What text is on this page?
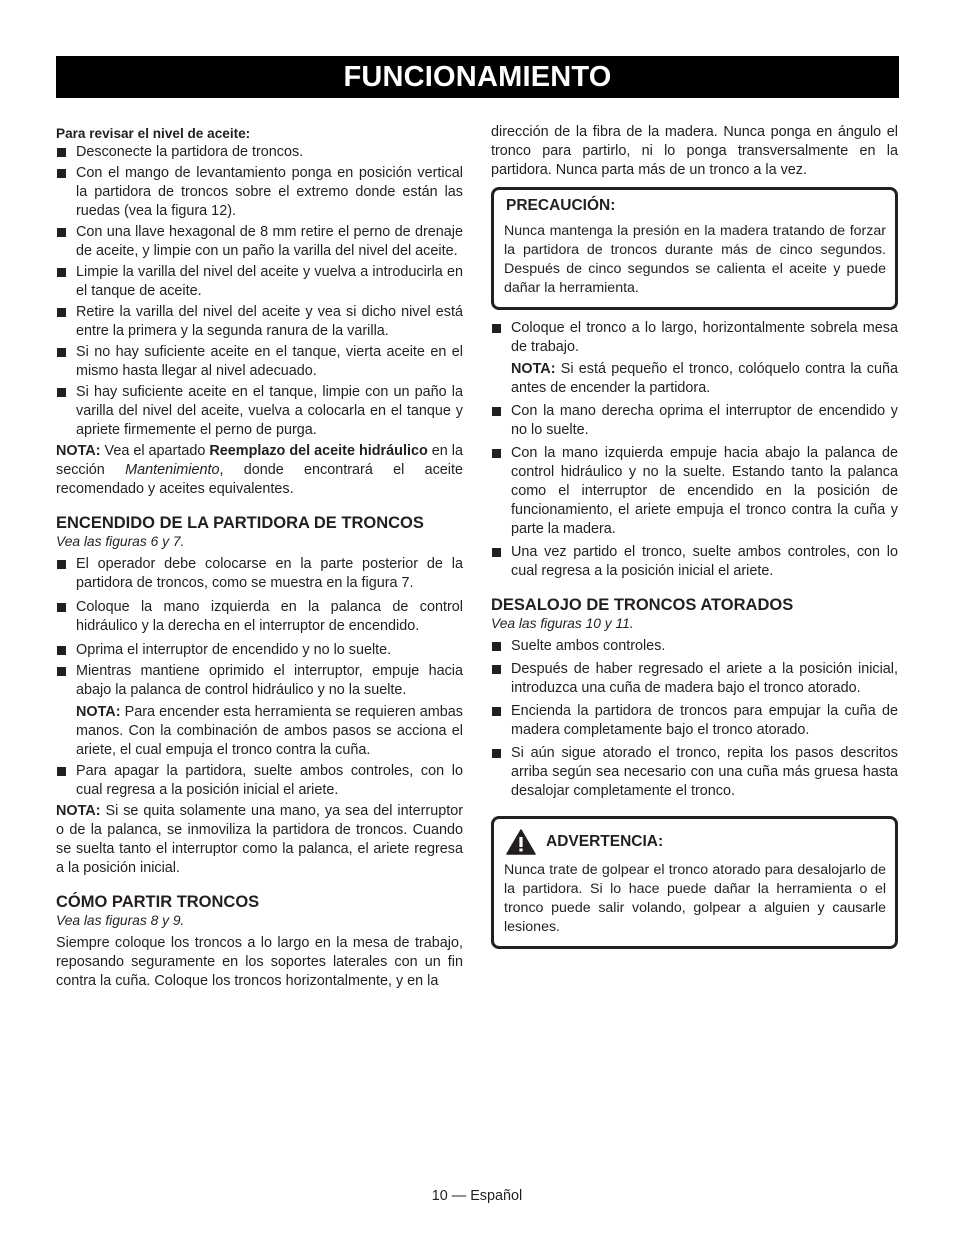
FUNCIONAMIENTO
Para revisar el nivel de aceite:
Desconecte la partidora de troncos.
Con el mango de levantamiento ponga en posición vertical la partidora de troncos sobre el extremo donde están las ruedas (vea la figura 12).
Con una llave hexagonal de 8 mm retire el perno de drenaje de aceite, y limpie con un paño la varilla del nivel del aceite.
Limpie la varilla del nivel del aceite y vuelva a introducirla en el tanque de aceite.
Retire la varilla del nivel del aceite y vea si dicho nivel está entre la primera y la segunda ranura de la varilla.
Si no hay suficiente aceite en el tanque, vierta aceite en el mismo hasta llegar al nivel adecuado.
Si hay suficiente aceite en el tanque, limpie con un paño la varilla del nivel del aceite, vuelva a colocarla en el tanque y apriete firmemente el perno de purga.

NOTA: Vea el apartado Reemplazo del aceite hidráulico en la sección Mantenimiento, donde encontrará el aceite recomendado y aceites equivalentes.

ENCENDIDO DE LA PARTIDORA DE TRONCOS
Vea las figuras 6 y 7.
El operador debe colocarse en la parte posterior de la partidora de troncos, como se muestra en la figura 7.
Coloque la mano izquierda en la palanca de control hidráulico y la derecha en el interruptor de encendido.
Oprima el interruptor de encendido y no lo suelte.
Mientras mantiene oprimido el interruptor, empuje hacia abajo la palanca de control hidráulico y no la suelte.

NOTA: Para encender esta herramienta se requieren ambas manos. Con la combinación de ambos pasos se acciona el ariete, el cual empuja el tronco contra la cuña.

Para apagar la partidora, suelte ambos controles, con lo cual regresa a la posición inicial el ariete.

NOTA: Si se quita solamente una mano, ya sea del interruptor o de la palanca, se inmoviliza la partidora de troncos. Cuando se suelta tanto el interruptor como la palanca, el ariete regresa a la posición inicial.

CÓMO PARTIR TRONCOS
Vea las figuras 8 y 9.

Siempre coloque los troncos a lo largo en la mesa de trabajo, reposando seguramente en los soportes laterales con un fin contra la cuña. Coloque los troncos horizontalmente, y en la

dirección de la fibra de la madera. Nunca ponga en ángulo el tronco para partirlo, ni lo ponga transversalmente en la partidora. Nunca parta más de un tronco a la vez.

PRECAUCIÓN:

Nunca mantenga la presión en la madera tratando de forzar la partidora de troncos durante más de cinco segundos. Después de cinco segundos se calienta el aceite y puede dañar la herramienta.

Coloque el tronco a lo largo, horizontalmente sobrela mesa de trabajo.

NOTA: Si está pequeño el tronco, colóquelo contra la cuña antes de encender la partidora.

Con la mano derecha oprima el interruptor de encendido y no lo suelte.
Con la mano izquierda empuje hacia abajo la palanca de control hidráulico y no la suelte. Estando tanto la palanca como el interruptor de encendido en la posición de funcionamiento, el ariete empuja el tronco contra la cuña y parte la madera.
Una vez partido el tronco, suelte ambos controles, con lo cual regresa a la posición inicial el ariete.
DESALOJO DE TRONCOS ATORADOS
Vea las figuras 10 y 11.
Suelte ambos controles.
Después de haber regresado el ariete a la posición inicial, introduzca una cuña de madera bajo el tronco atorado.
Encienda la partidora de troncos para empujar la cuña de madera completamente bajo el tronco atorado.
Si aún sigue atorado el tronco, repita los pasos descritos arriba según sea necesario con una cuña más gruesa hasta desalojar completamente el tronco.
ADVERTENCIA:

Nunca trate de golpear el tronco atorado para desalojarlo de la partidora. Si lo hace puede dañar la herramienta o el tronco puede salir volando, golpear a alguien y causarle lesiones.

10 — Español
